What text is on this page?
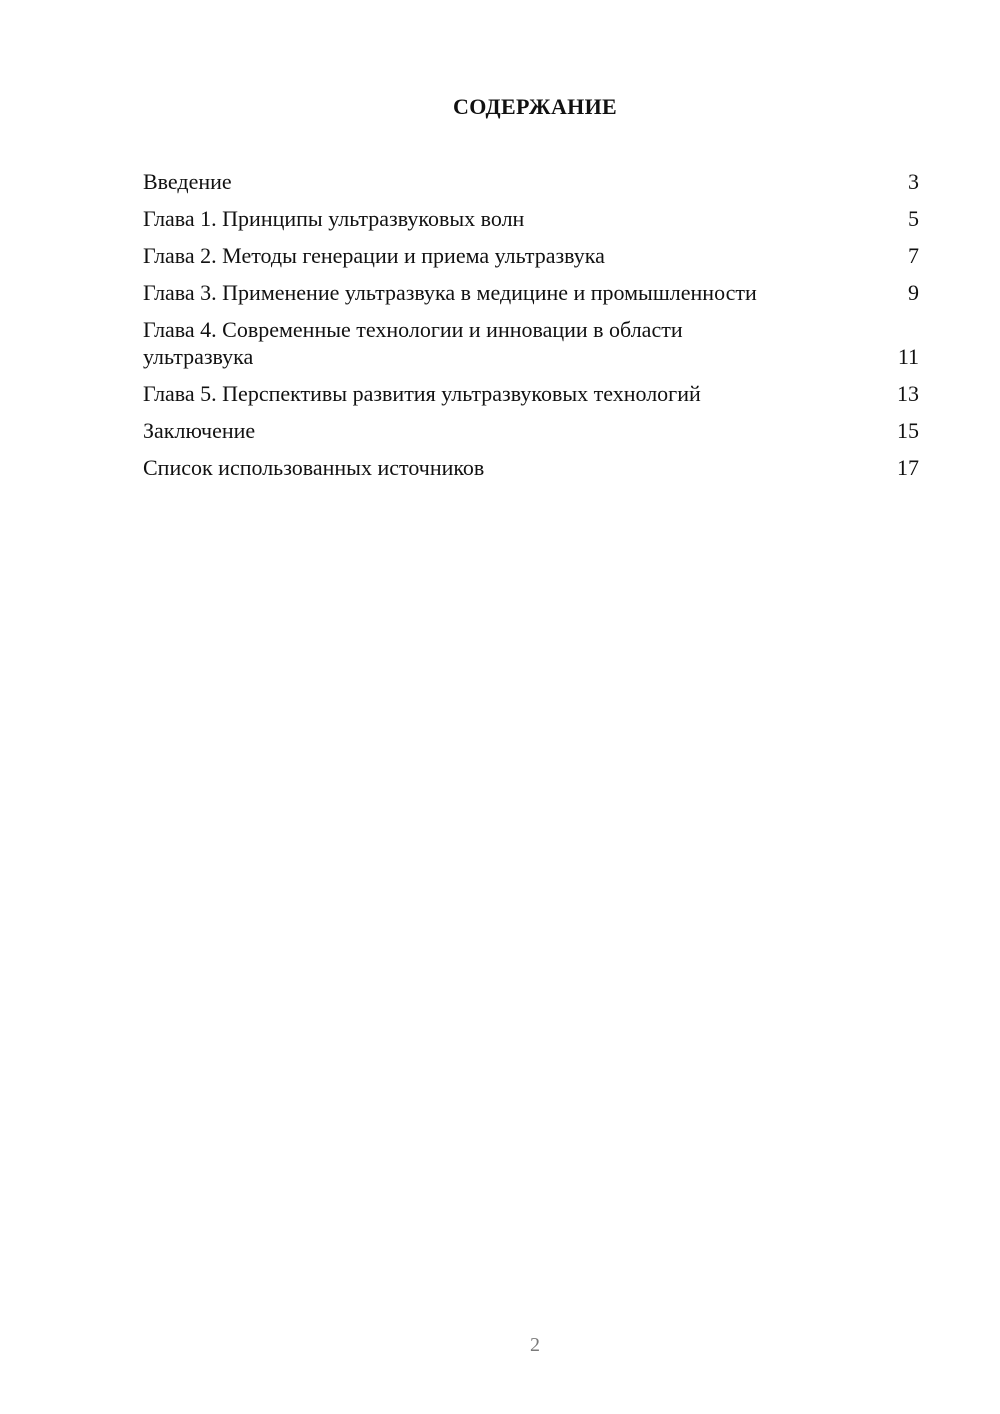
СОДЕРЖАНИЕ
Введение	3
Глава 1. Принципы ультразвуковых волн	5
Глава 2. Методы генерации и приема ультразвука	7
Глава 3. Применение ультразвука в медицине и промышленности	9
Глава 4. Современные технологии и инновации в области ультразвука	11
Глава 5. Перспективы развития ультразвуковых технологий	13
Заключение	15
Список использованных источников	17
2
